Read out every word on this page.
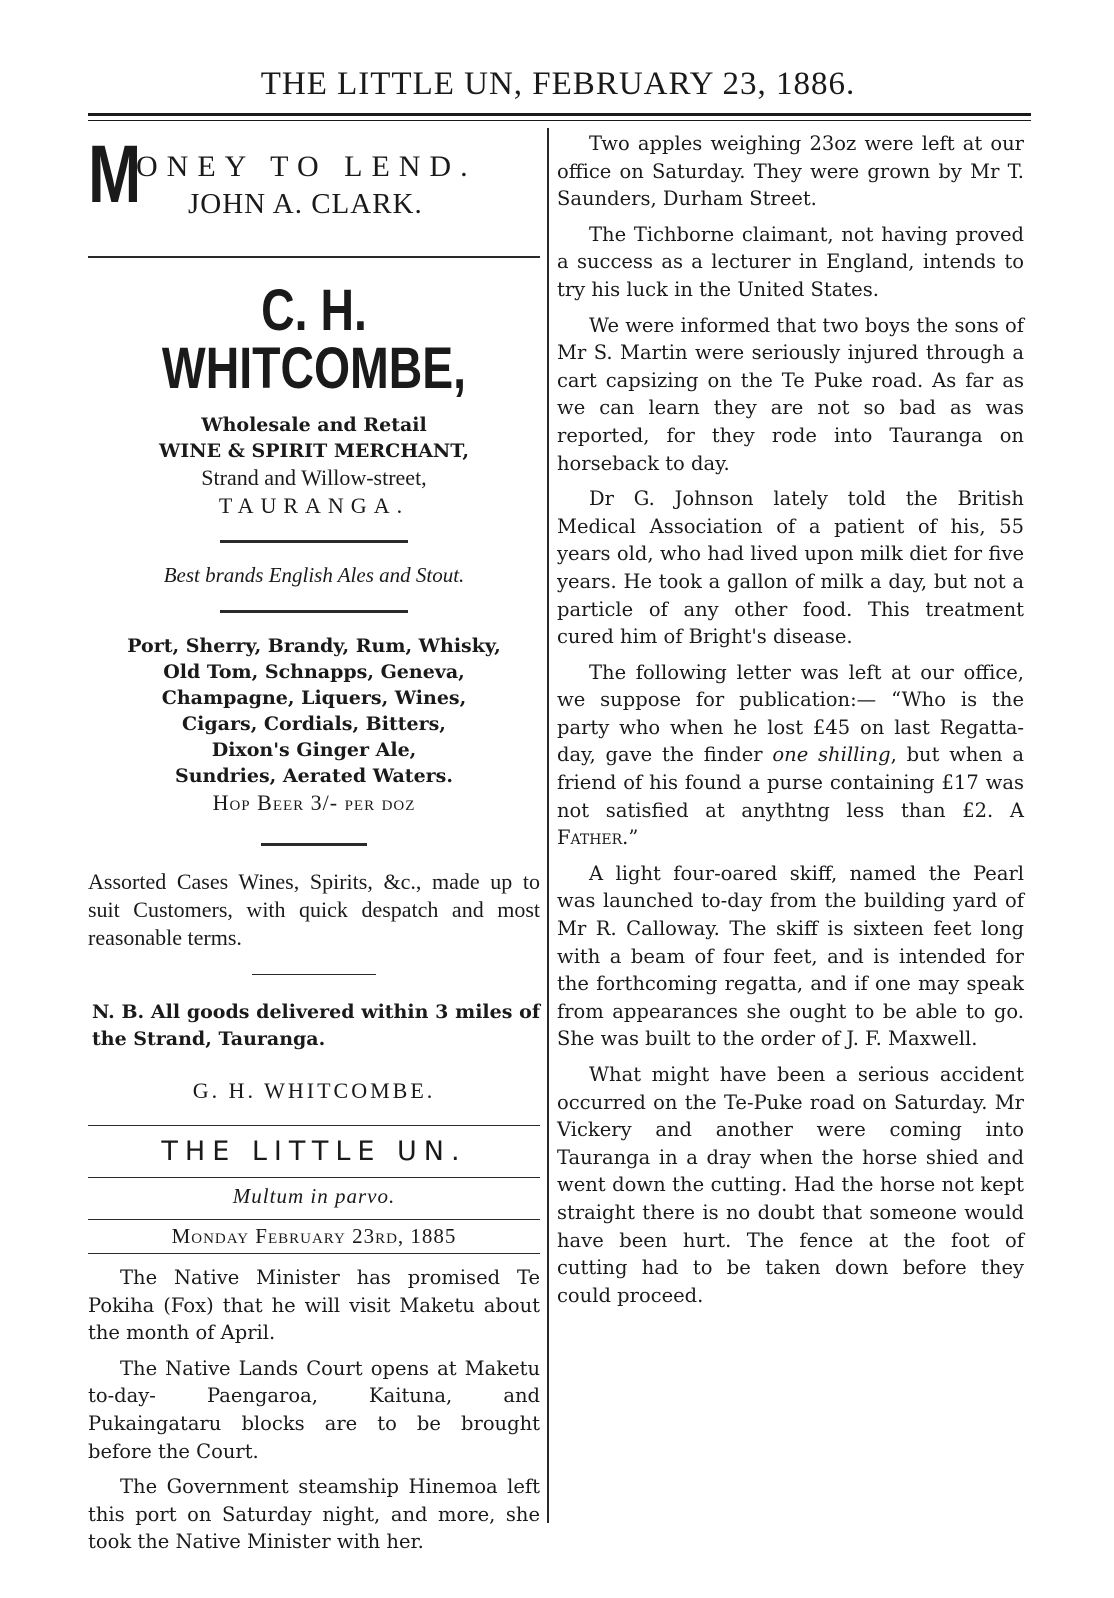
THE LITTLE UN, FEBRUARY 23, 1886.
M
ONEY TO LEND.
JOHN A. CLARK.
C. H. WHITCOMBE,
Wholesale and Retail
WINE & SPIRIT MERCHANT,
Strand and Willow-street,
TAURANGA.
Best brands English Ales and Stout.
Port, Sherry, Brandy, Rum, Whisky,
Old Tom, Schnapps, Geneva,
Champagne, Liquers, Wines,
Cigars, Cordials, Bitters,
Dixon's Ginger Ale,
Sundries, Aerated Waters.
Hop Beer 3/- per doz
Assorted Cases Wines, Spirits, &c., made up to suit Customers, with quick despatch and most reasonable terms.
N. B. All goods delivered within 3 miles of the Strand, Tauranga.
G. H. WHITCOMBE.
THE LITTLE UN.
Multum in parvo.
Monday February 23rd, 1885

The Native Minister has promised Te Pokiha (Fox) that he will visit Maketu about the month of April.

The Native Lands Court opens at Maketu to-day- Paengaroa, Kaituna, and Pukaingataru blocks are to be brought before the Court.

The Government steamship Hinemoa left this port on Saturday night, and more, she took the Native Minister with her.

Two apples weighing 23oz were left at our office on Saturday. They were grown by Mr T. Saunders, Durham Street.

The Tichborne claimant, not having proved a success as a lecturer in England, intends to try his luck in the United States.

We were informed that two boys the sons of Mr S. Martin were seriously injured through a cart capsizing on the Te Puke road. As far as we can learn they are not so bad as was reported, for they rode into Tauranga on horseback to day.

Dr G. Johnson lately told the British Medical Association of a patient of his, 55 years old, who had lived upon milk diet for five years. He took a gallon of milk a day, but not a particle of any other food. This treatment cured him of Bright's disease.

The following letter was left at our office, we suppose for publication:— “Who is the party who when he lost £45 on last Regatta-day, gave the finder one shilling, but when a friend of his found a purse containing £17 was not satisfied at anythtng less than £2. A Father.”

A light four-oared skiff, named the Pearl was launched to-day from the building yard of Mr R. Calloway. The skiff is sixteen feet long with a beam of four feet, and is intended for the forthcoming regatta, and if one may speak from appearances she ought to be able to go. She was built to the order of J. F. Maxwell.

What might have been a serious accident occurred on the Te-Puke road on Saturday. Mr Vickery and another were coming into Tauranga in a dray when the horse shied and went down the cutting. Had the horse not kept straight there is no doubt that someone would have been hurt. The fence at the foot of cutting had to be taken down before they could proceed.
